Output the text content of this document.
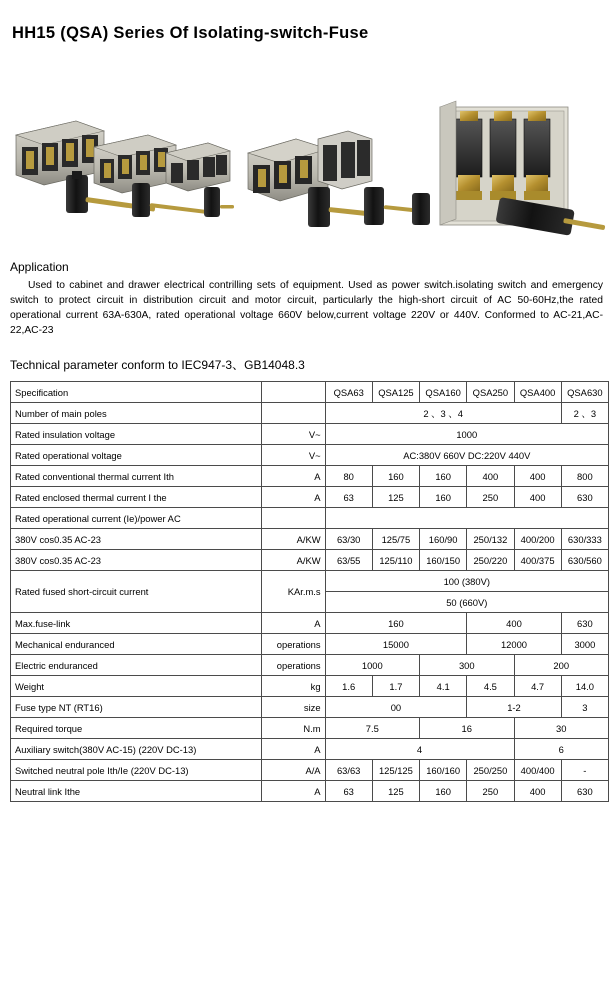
HH15 (QSA) Series Of Isolating-switch-Fuse
Application
Used to cabinet and drawer electrical contrilling sets of equipment. Used as power switch.isolating switch and emergency switch to protect circuit in distribution circuit and motor circuit, particularly the high-short circuit of AC 50-60Hz,the rated operational current 63A-630A, rated operational voltage 660V below,current voltage 220V or 440V. Conformed to AC-21,AC-22,AC-23
Technical parameter conform to IEC947-3、GB14048.3
Specification		QSA63	QSA125	QSA160	QSA250	QSA400	QSA630
Number of main poles		2 、3 、4					2 、3
Rated insulation voltage	V~	1000					
Rated operational voltage	V~	AC:380V 660V DC:220V 440V					
Rated conventional thermal current Ith	A	80	160	160	400	400	800
Rated enclosed thermal current I the	A	63	125	160	250	400	630
Rated operational current (Ie)/power AC							
380V cos0.35 AC-23	A/KW	63/30	125/75	160/90	250/132	400/200	630/333
380V cos0.35 AC-23	A/KW	63/55	125/110	160/150	250/220	400/375	630/560
Rated fused short-circuit current	KAr.m.s	100 (380V)					
		50 (660V)					
Max.fuse-link	A	160			400		630
Mechanical enduranced	operations	15000			12000		3000
Electric enduranced	operations	1000		300		200	
Weight	kg	1.6	1.7	4.1	4.5	4.7	14.0
Fuse type NT (RT16)	size	00			1-2		3
Required torque	N.m	7.5		16		30	
Auxiliary switch(380V AC-15) (220V DC-13)	A	4				6	
Switched neutral pole Ith/Ie (220V DC-13)	A/A	63/63	125/125	160/160	250/250	400/400	-
Neutral link Ithe	A	63	125	160	250	400	630
